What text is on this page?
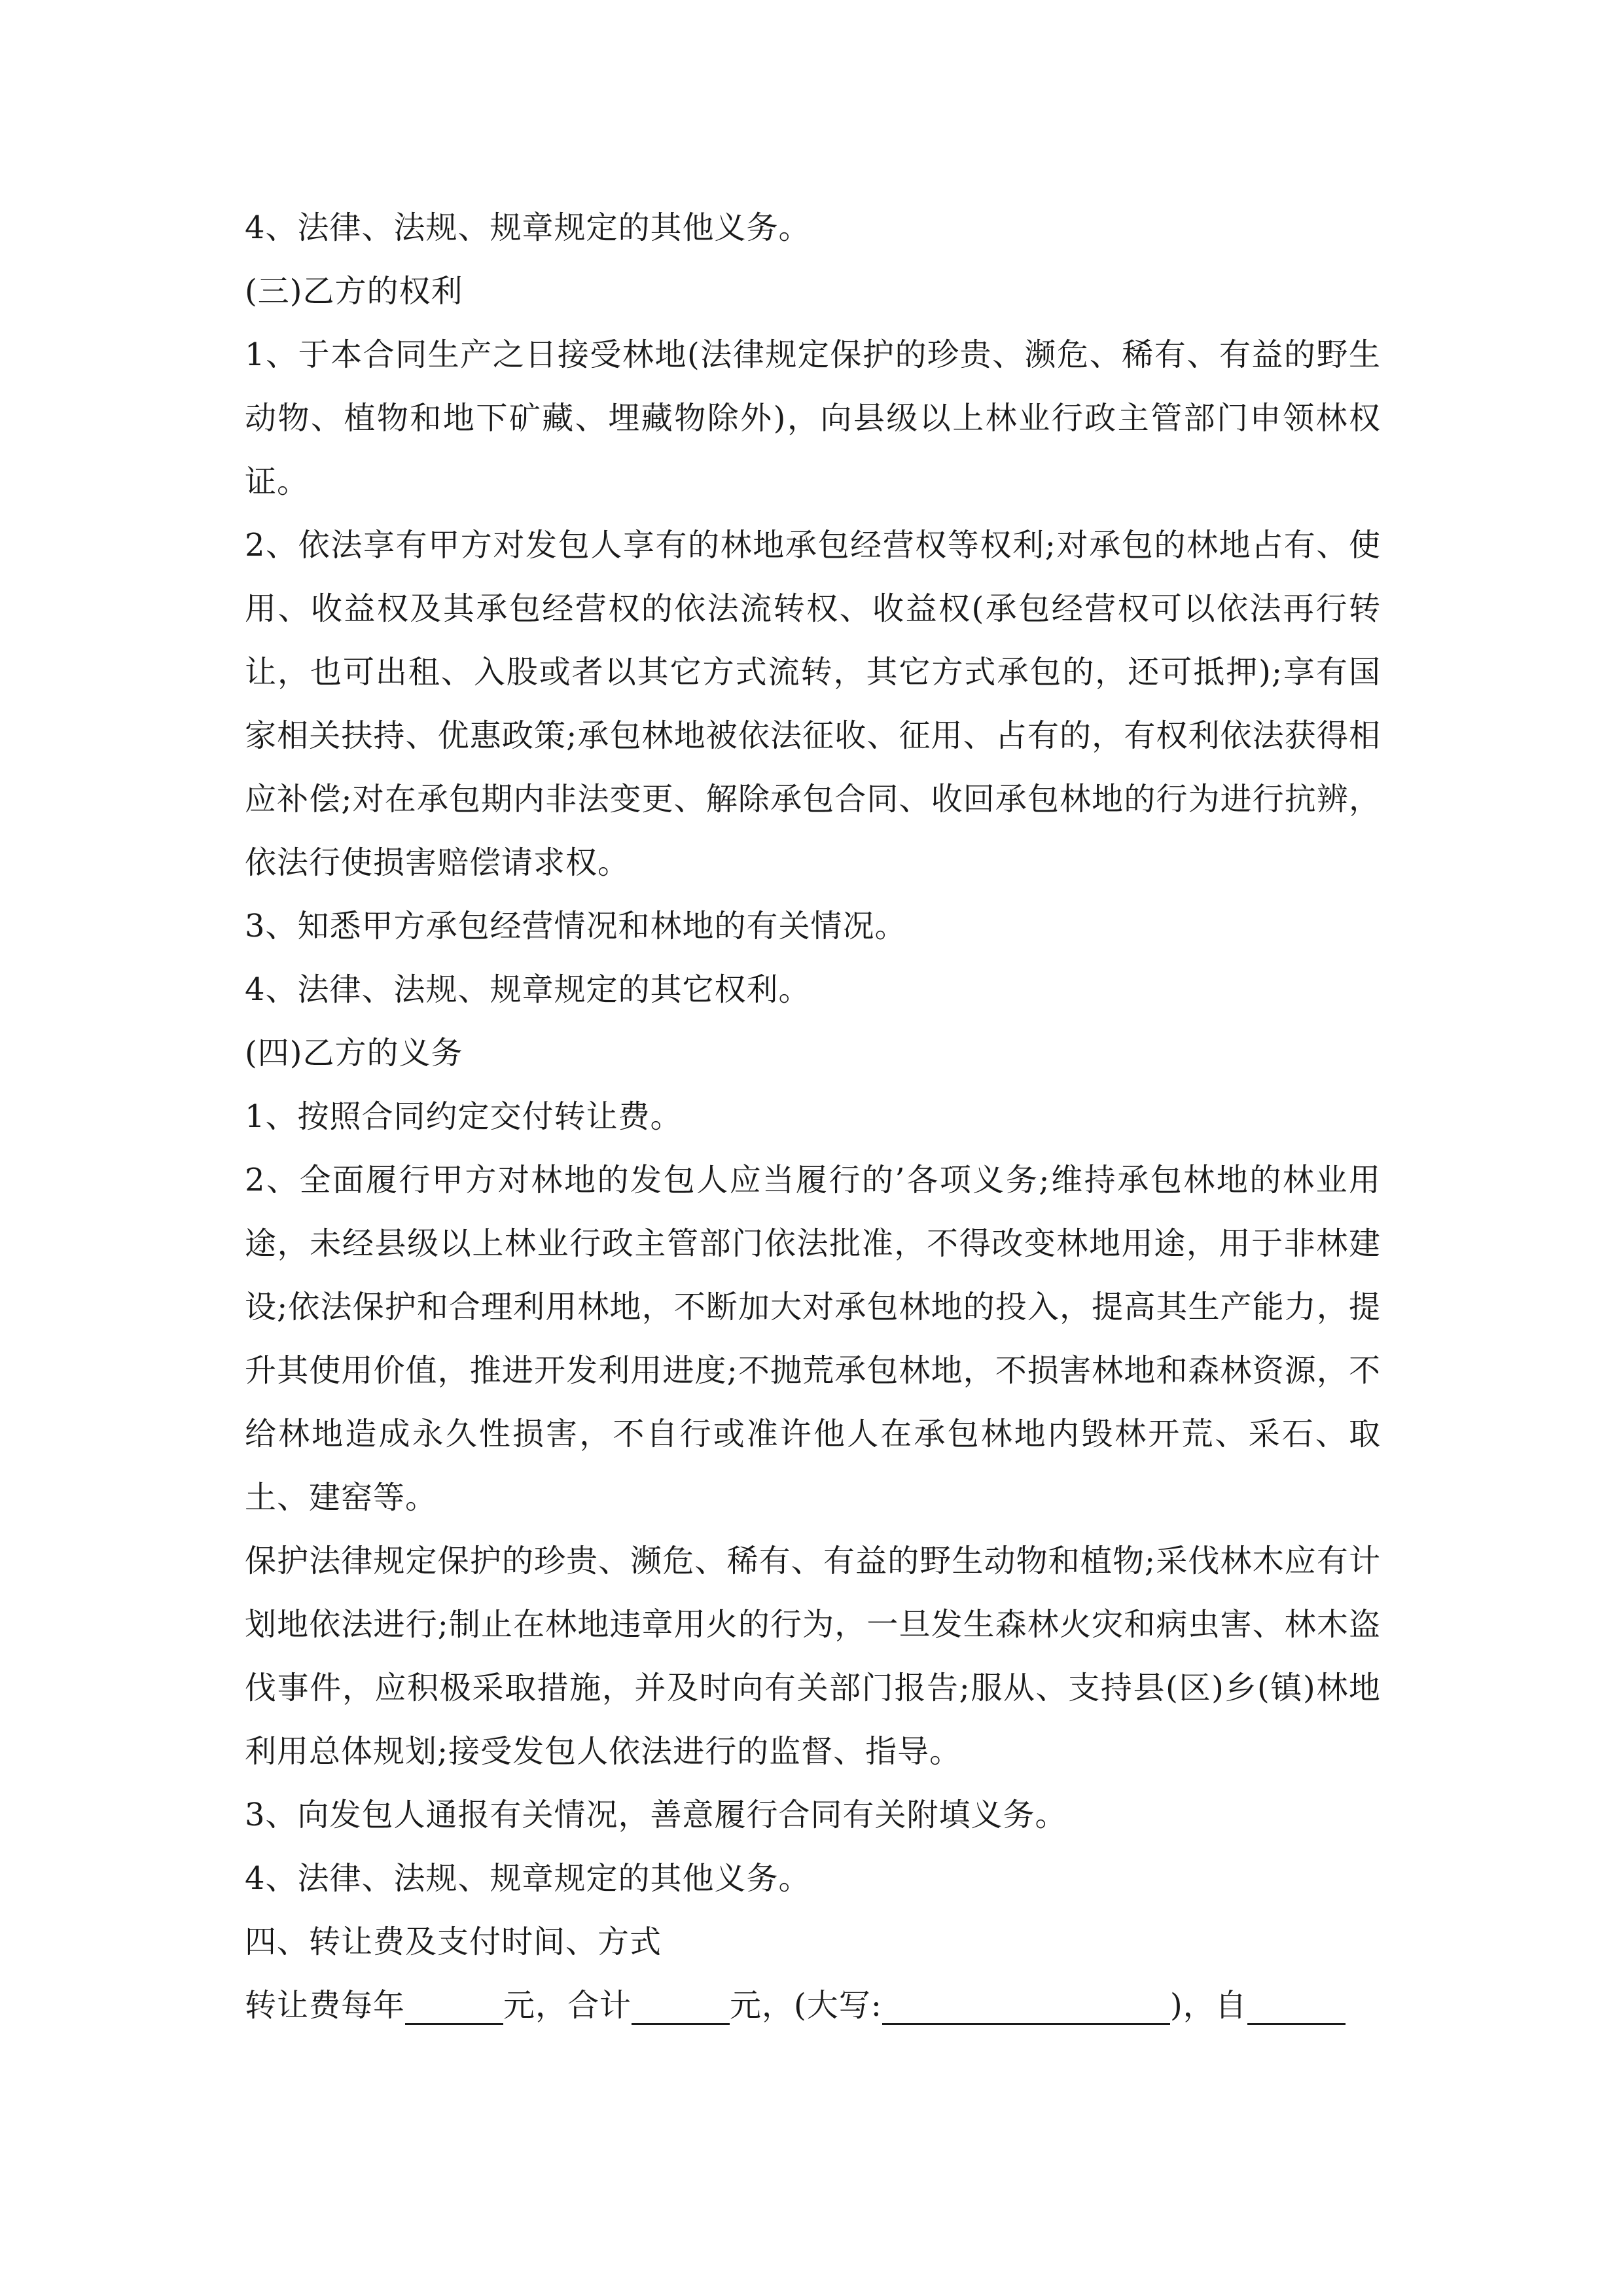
4、法律、法规、规章规定的其他义务。

(三)乙方的权利

1、于本合同生产之日接受林地(法律规定保护的珍贵、濒危、稀有、有益的野生动物、植物和地下矿藏、埋藏物除外)，向县级以上林业行政主管部门申领林权证。

2、依法享有甲方对发包人享有的林地承包经营权等权利;对承包的林地占有、使用、收益权及其承包经营权的依法流转权、收益权(承包经营权可以依法再行转让，也可出租、入股或者以其它方式流转，其它方式承包的，还可抵押);享有国家相关扶持、优惠政策;承包林地被依法征收、征用、占有的，有权利依法获得相应补偿;对在承包期内非法变更、解除承包合同、收回承包林地的行为进行抗辨，依法行使损害赔偿请求权。

3、知悉甲方承包经营情况和林地的有关情况。

4、法律、法规、规章规定的其它权利。

(四)乙方的义务

1、按照合同约定交付转让费。

2、全面履行甲方对林地的发包人应当履行的’各项义务;维持承包林地的林业用途，未经县级以上林业行政主管部门依法批准，不得改变林地用途，用于非林建设;依法保护和合理利用林地，不断加大对承包林地的投入，提高其生产能力，提升其使用价值，推进开发利用进度;不抛荒承包林地，不损害林地和森林资源，不给林地造成永久性损害，不自行或准许他人在承包林地内毁林开荒、采石、取土、建窑等。

保护法律规定保护的珍贵、濒危、稀有、有益的野生动物和植物;采伐林木应有计划地依法进行;制止在林地违章用火的行为，一旦发生森林火灾和病虫害、林木盗伐事件，应积极采取措施，并及时向有关部门报告;服从、支持县(区)乡(镇)林地利用总体规划;接受发包人依法进行的监督、指导。

3、向发包人通报有关情况，善意履行合同有关附填义务。

4、法律、法规、规章规定的其他义务。

四、转让费及支付时间、方式

转让费每年	元，合计	元，(大写:	)，自
